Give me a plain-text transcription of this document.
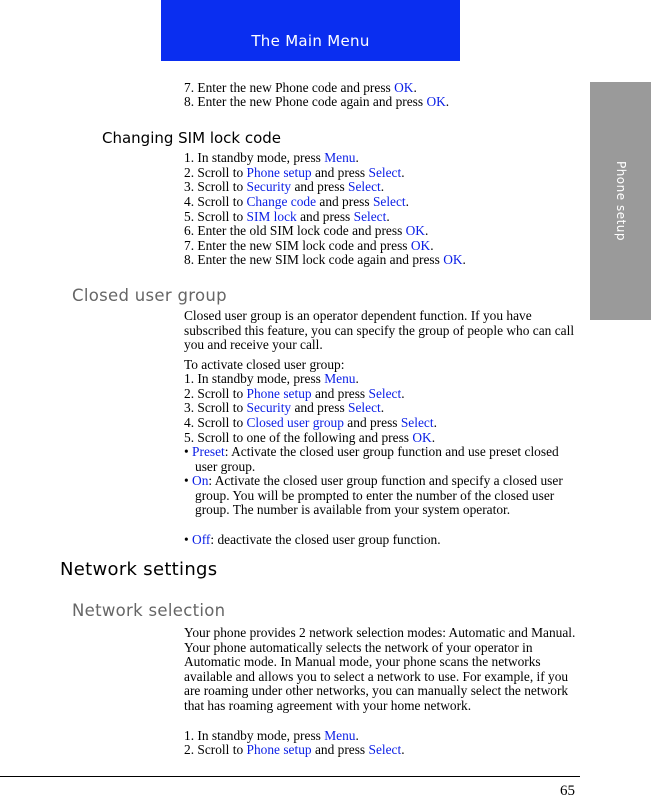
The Main Menu
Phone setup
7. Enter the new Phone code and press OK.
8. Enter the new Phone code again and press OK.
Changing SIM lock code
1. In standby mode, press Menu.
2. Scroll to Phone setup and press Select.
3. Scroll to Security and press Select.
4. Scroll to Change code and press Select.
5. Scroll to SIM lock and press Select.
6. Enter the old SIM lock code and press OK.
7. Enter the new SIM lock code and press OK.
8. Enter the new SIM lock code again and press OK.
Closed user group
Closed user group is an operator dependent function. If you have subscribed this feature, you can specify the group of people who can call you and receive your call.
To activate closed user group:
1. In standby mode, press Menu.
2. Scroll to Phone setup and press Select.
3. Scroll to Security and press Select.
4. Scroll to Closed user group and press Select.
5. Scroll to one of the following and press OK.
• Preset: Activate the closed user group function and use preset closed user group.
• On: Activate the closed user group function and specify a closed user group. You will be prompted to enter the number of the closed user group. The number is available from your system operator.
• Off: deactivate the closed user group function.
Network settings
Network selection
Your phone provides 2 network selection modes: Automatic and Manual. Your phone automatically selects the network of your operator in Automatic mode. In Manual mode, your phone scans the networks available and allows you to select a network to use. For example, if you are roaming under other networks, you can manually select the network that has roaming agreement with your home network.
1. In standby mode, press Menu.
2. Scroll to Phone setup and press Select.
65
